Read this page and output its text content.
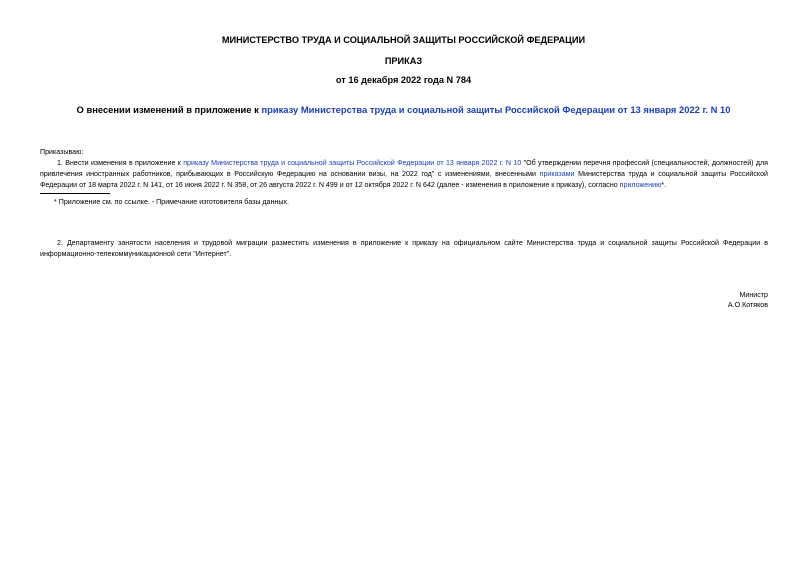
МИНИСТЕРСТВО ТРУДА И СОЦИАЛЬНОЙ ЗАЩИТЫ РОССИЙСКОЙ ФЕДЕРАЦИИ
ПРИКАЗ
от 16 декабря 2022 года N 784
О внесении изменений в приложение к приказу Министерства труда и социальной защиты Российской Федерации от 13 января 2022 г. N 10
Приказываю:
1. Внести изменения в приложение к приказу Министерства труда и социальной защиты Российской Федерации от 13 января 2022 г. N 10 "Об утверждении перечня профессий (специальностей, должностей) для привлечения иностранных работников, прибывающих в Российскую Федерацию на основании визы, на 2022 год" с изменениями, внесенными приказами Министерства труда и социальной защиты Российской Федерации от 18 марта 2022 г. N 141, от 16 июня 2022 г. N 358, от 26 августа 2022 г. N 499 и от 12 октября 2022 г. N 642 (далее - изменения в приложение к приказу), согласно приложению*.
* Приложение см. по ссылке. - Примечание изготовителя базы данных.
2. Департаменту занятости населения и трудовой миграции разместить изменения в приложение к приказу на официальном сайте Министерства труда и социальной защиты Российской Федерации в информационно-телекоммуникационной сети "Интернет".
Министр
А.О.Котяков
